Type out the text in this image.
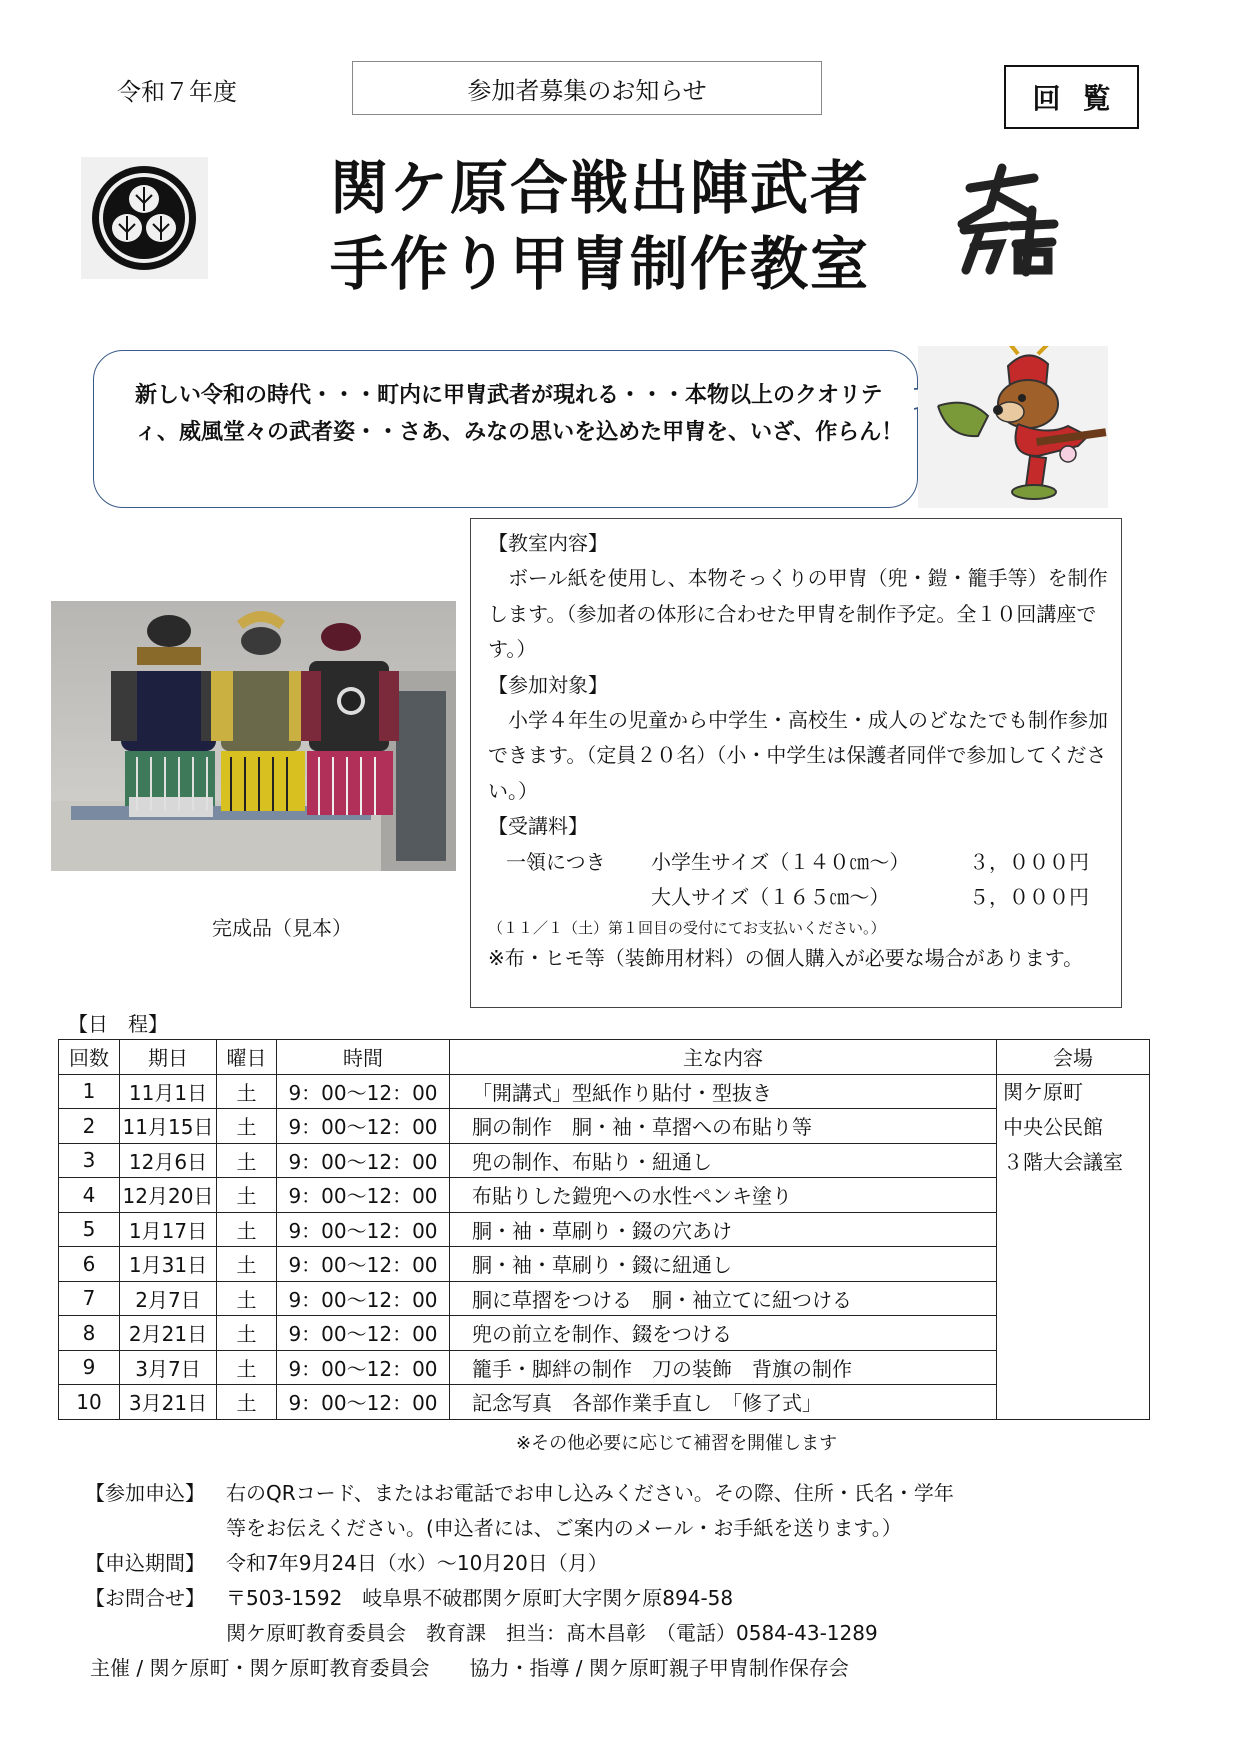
令和７年度	参加者募集のお知らせ	回覧
関ケ原合戦出陣武者
手作り甲冑制作教室
新しい令和の時代・・・町内に甲冑武者が現れる・・・本物以上のクオリティ、威風堂々の武者姿・・さあ、みなの思いを込めた甲冑を、いざ、作らん！
完成品（見本）
【教室内容】
ボール紙を使用し、本物そっくりの甲冑（兜・鎧・籠手等）を制作します。（参加者の体形に合わせた甲冑を制作予定。全１０回講座です。）
【参加対象】
小学４年生の児童から中学生・高校生・成人のどなたでも制作参加できます。（定員２０名）（小・中学生は保護者同伴で参加してください。）
【受講料】
一領につき	小学生サイズ（１４０㎝～）	３，０００円
大人サイズ（１６５㎝～）	５，０００円
（１１／１（土）第１回目の受付にてお支払いください。）
※布・ヒモ等（装飾用材料）の個人購入が必要な場合があります。
【日　程】
回数	期日	曜日	時間	主な内容	会場
1	11月1日	土	9：00～12：00	「開講式」型紙作り貼付・型抜き	関ケ原町
中央公民館
３階大会議室

2	11月15日	土	9：00～12：00	胴の制作　胴・袖・草摺への布貼り等	
3	12月6日	土	9：00～12：00	兜の制作、布貼り・紐通し	
4	12月20日	土	9：00～12：00	布貼りした鎧兜への水性ペンキ塗り	
5	1月17日	土	9：00～12：00	胴・袖・草刷り・錣の穴あけ	
6	1月31日	土	9：00～12：00	胴・袖・草刷り・錣に紐通し	
7	2月7日	土	9：00～12：00	胴に草摺をつける　胴・袖立てに紐つける	
8	2月21日	土	9：00～12：00	兜の前立を制作、錣をつける	
9	3月7日	土	9：00～12：00	籠手・脚絆の制作　刀の装飾　背旗の制作	
10	3月21日	土	9：00～12：00	記念写真　各部作業手直し　「修了式」	
※その他必要に応じて補習を開催します
【参加申込】	右のQRコード、またはお電話でお申し込みください。その際、住所・氏名・学年
等をお伝えください。(申込者には、ご案内のメール・お手紙を送ります。）
【申込期間】	令和7年9月24日（水）～10月20日（月）
【お問合せ】	〒503-1592　岐阜県不破郡関ケ原町大字関ケ原894-58
関ケ原町教育委員会　教育課　担当：髙木昌彰　（電話）0584-43-1289
主催 / 関ケ原町・関ケ原町教育委員会　　協力・指導 / 関ケ原町親子甲冑制作保存会
